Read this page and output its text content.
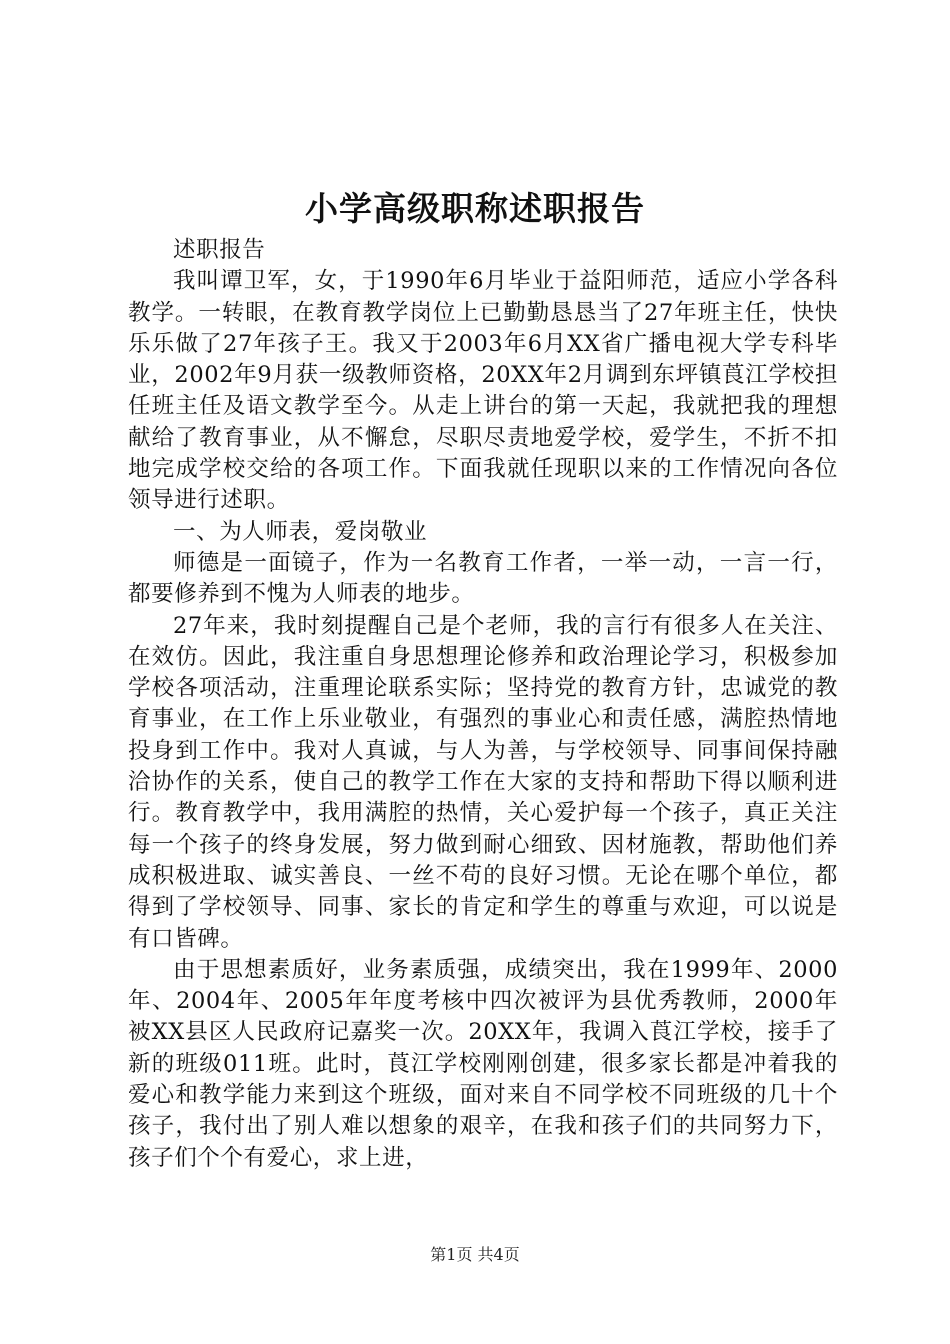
小学高级职称述职报告

述职报告

我叫谭卫军，女，于1990年6月毕业于益阳师范，适应小学各科教学。一转眼，在教育教学岗位上已勤勤恳恳当了27年班主任，快快乐乐做了27年孩子王。我又于2003年6月XX省广播电视大学专科毕业，2002年9月获一级教师资格，20XX年2月调到东坪镇莨江学校担任班主任及语文教学至今。从走上讲台的第一天起，我就把我的理想献给了教育事业，从不懈怠，尽职尽责地爱学校，爱学生，不折不扣地完成学校交给的各项工作。下面我就任现职以来的工作情况向各位领导进行述职。

一、为人师表，爱岗敬业

师德是一面镜子，作为一名教育工作者，一举一动，一言一行，都要修养到不愧为人师表的地步。

27年来，我时刻提醒自己是个老师，我的言行有很多人在关注、在效仿。因此，我注重自身思想理论修养和政治理论学习，积极参加学校各项活动，注重理论联系实际；坚持党的教育方针，忠诚党的教育事业，在工作上乐业敬业，有强烈的事业心和责任感，满腔热情地投身到工作中。我对人真诚，与人为善，与学校领导、同事间保持融洽协作的关系，使自己的教学工作在大家的支持和帮助下得以顺利进行。教育教学中，我用满腔的热情，关心爱护每一个孩子，真正关注每一个孩子的终身发展，努力做到耐心细致、因材施教，帮助他们养成积极进取、诚实善良、一丝不苟的良好习惯。无论在哪个单位，都得到了学校领导、同事、家长的肯定和学生的尊重与欢迎，可以说是有口皆碑。

由于思想素质好，业务素质强，成绩突出，我在1999年、2000年、2004年、2005年年度考核中四次被评为县优秀教师，2000年被XX县区人民政府记嘉奖一次。20XX年，我调入莨江学校，接手了新的班级011班。此时，莨江学校刚刚创建，很多家长都是冲着我的爱心和教学能力来到这个班级，面对来自不同学校不同班级的几十个孩子，我付出了别人难以想象的艰辛，在我和孩子们的共同努力下，孩子们个个有爱心，求上进，

第1页 共4页
